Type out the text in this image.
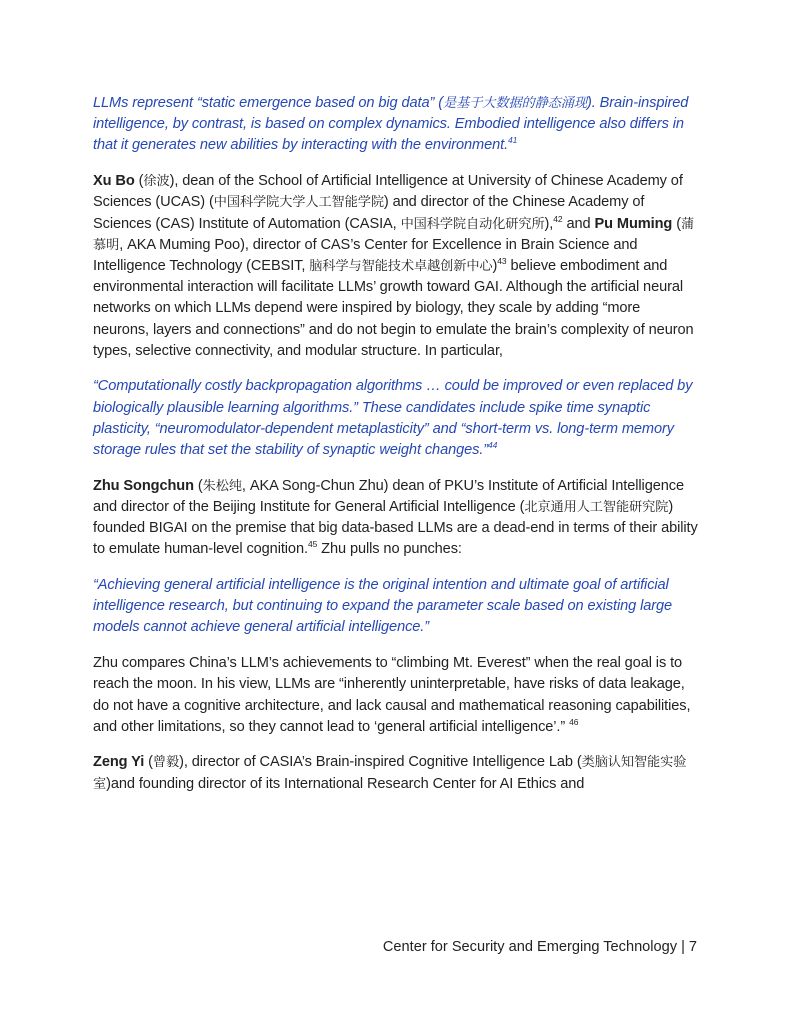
LLMs represent “static emergence based on big data” (是基于大数据的静态涌现). Brain-inspired intelligence, by contrast, is based on complex dynamics. Embodied intelligence also differs in that it generates new abilities by interacting with the environment.$^{41}$

Xu Bo (徐波), dean of the School of Artificial Intelligence at University of Chinese Academy of Sciences (UCAS) (中国科学院大学人工智能学院) and director of the Chinese Academy of Sciences (CAS) Institute of Automation (CASIA, 中国科学院自动化研究所),$^{42}$ and Pu Muming (蒲慕明, AKA Muming Poo), director of CAS’s Center for Excellence in Brain Science and Intelligence Technology (CEBSIT, 脑科学与智能技术卓越创新中心)$^{43}$ believe embodiment and environmental interaction will facilitate LLMs’ growth toward GAI. Although the artificial neural networks on which LLMs depend were inspired by biology, they scale by adding “more neurons, layers and connections” and do not begin to emulate the brain’s complexity of neuron types, selective connectivity, and modular structure. In particular,

“Computationally costly backpropagation algorithms … could be improved or even replaced by biologically plausible learning algorithms.” These candidates include spike time synaptic plasticity, “neuromodulator-dependent metaplasticity” and “short-term vs. long-term memory storage rules that set the stability of synaptic weight changes.”$^{44}$

Zhu Songchun (朱松纯, AKA Song-Chun Zhu) dean of PKU’s Institute of Artificial Intelligence and director of the Beijing Institute for General Artificial Intelligence (北京通用人工智能研究院) founded BIGAI on the premise that big data-based LLMs are a dead-end in terms of their ability to emulate human-level cognition.$^{45}$ Zhu pulls no punches:

“Achieving general artificial intelligence is the original intention and ultimate goal of artificial intelligence research, but continuing to expand the parameter scale based on existing large models cannot achieve general artificial intelligence.”

Zhu compares China’s LLM’s achievements to “climbing Mt. Everest” when the real goal is to reach the moon. In his view, LLMs are “inherently uninterpretable, have risks of data leakage, do not have a cognitive architecture, and lack causal and mathematical reasoning capabilities, and other limitations, so they cannot lead to ‘general artificial intelligence’.” $^{46}$

Zeng Yi (曾毅), director of CASIA’s Brain-inspired Cognitive Intelligence Lab (类脑认知智能实验室)and founding director of its International Research Center for AI Ethics and

Center for Security and Emerging Technology | 7
